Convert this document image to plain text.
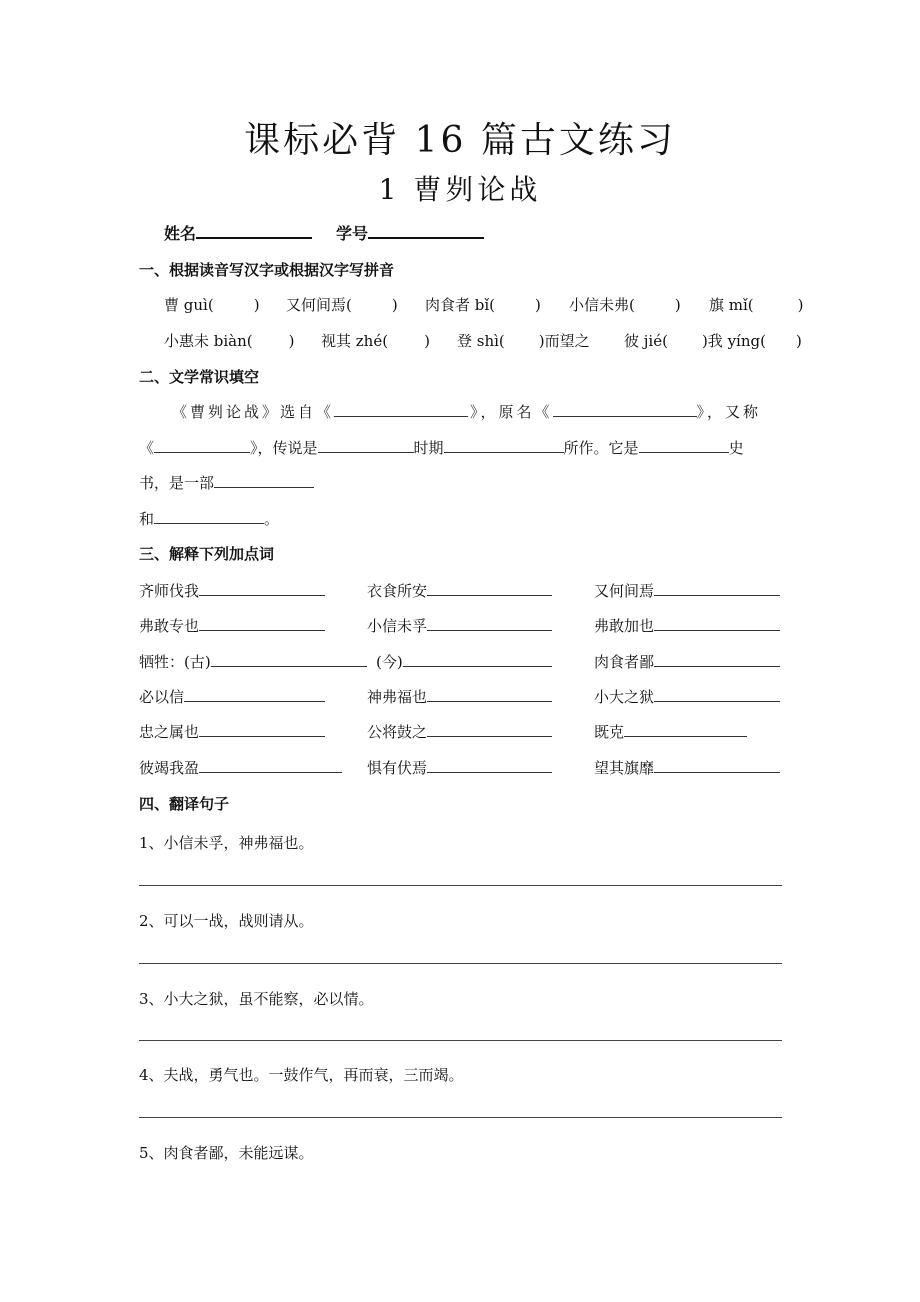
课标必背 16 篇古文练习
1 曹刿论战
姓名	学号
一、根据读音写汉字或根据汉字写拼音
曹 guì(	) 又何间焉(	) 肉食者 bǐ(	) 小信未弗(	) 旗 mǐ(	)
小惠未 biàn( ) 视其 zhé( ) 登 shì( )而望之 彼 jié( )我 yíng( )
二、文学常识填空
《曹刿论战》选自《	》，原名《	》，又称
《	》，传说是	时期	所作。它是	史
书，是一部
和	。
三、解释下列加点词
齐师伐我	衣食所安	又何间焉
弗敢专也	小信未孚	弗敢加也
牺牲：(古)	(今)	肉食者鄙
必以信	神弗福也	小大之狱
忠之属也	公将鼓之	既克
彼竭我盈	惧有伏焉	望其旗靡
四、翻译句子
1、小信未孚，神弗福也。
2、可以一战，战则请从。
3、小大之狱，虽不能察，必以情。
4、夫战，勇气也。一鼓作气，再而衰，三而竭。
5、肉食者鄙，未能远谋。
